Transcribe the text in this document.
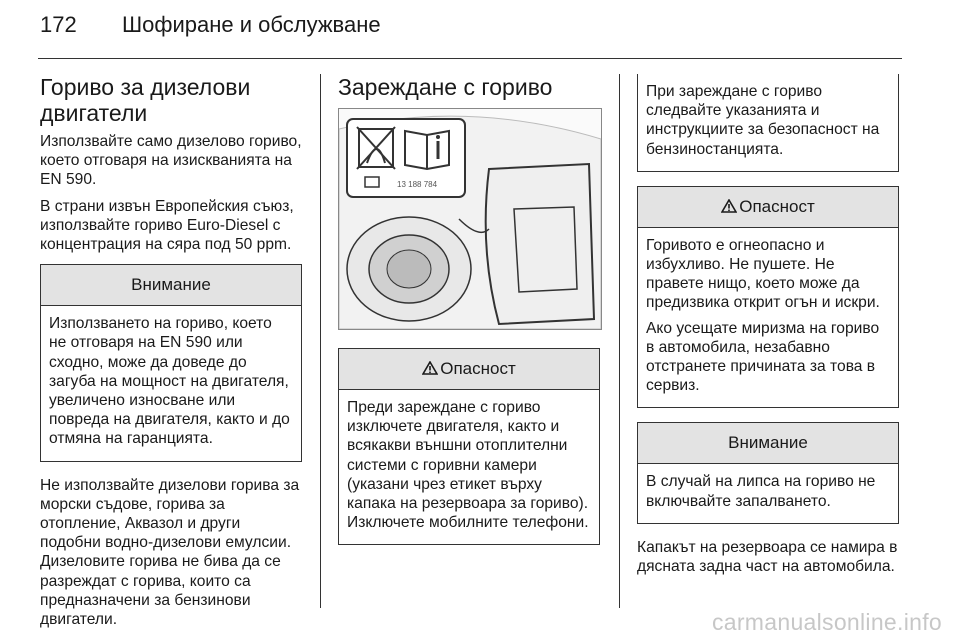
172	Шофиране и обслужване
Гориво за дизелови двигатели

Използвайте само дизелово гориво, което отговаря на изискванията на EN 590.

В страни извън Европейския съюз, използвайте гориво Euro-Diesel с концентрация на сяра под 50 ppm.

Внимание

Използването на гориво, което не отговаря на EN 590 или сходно, може да доведе до загуба на мощност на двигателя, увеличено износване или повреда на двигателя, както и до отмяна на гаранцията.

Не използвайте дизелови горива за морски съдове, горива за отопление, Аквазол и други подобни водно-дизелови емулсии. Дизеловите горива не бива да се разреждат с горива, които са предназначени за бензинови двигатели.

Зареждане с гориво
13 188 784
Опасност

Преди зареждане с гориво изключете двигателя, както и всякакви външни отоплителни системи с горивни камери (указани чрез етикет върху капака на резервоара за гориво). Изключете мобилните телефони.

При зареждане с гориво следвайте указанията и инструкциите за безопасност на бензиностанцията.

Опасност

Горивото е огнеопасно и избухливо. Не пушете. Не правете нищо, което може да предизвика открит огън и искри.

Ако усещате миризма на гориво в автомобила, незабавно отстранете причината за това в сервиз.

Внимание

В случай на липса на гориво не включвайте запалването.

Капакът на резервоара се намира в дясната задна част на автомобила.

carmanualsonline.info
